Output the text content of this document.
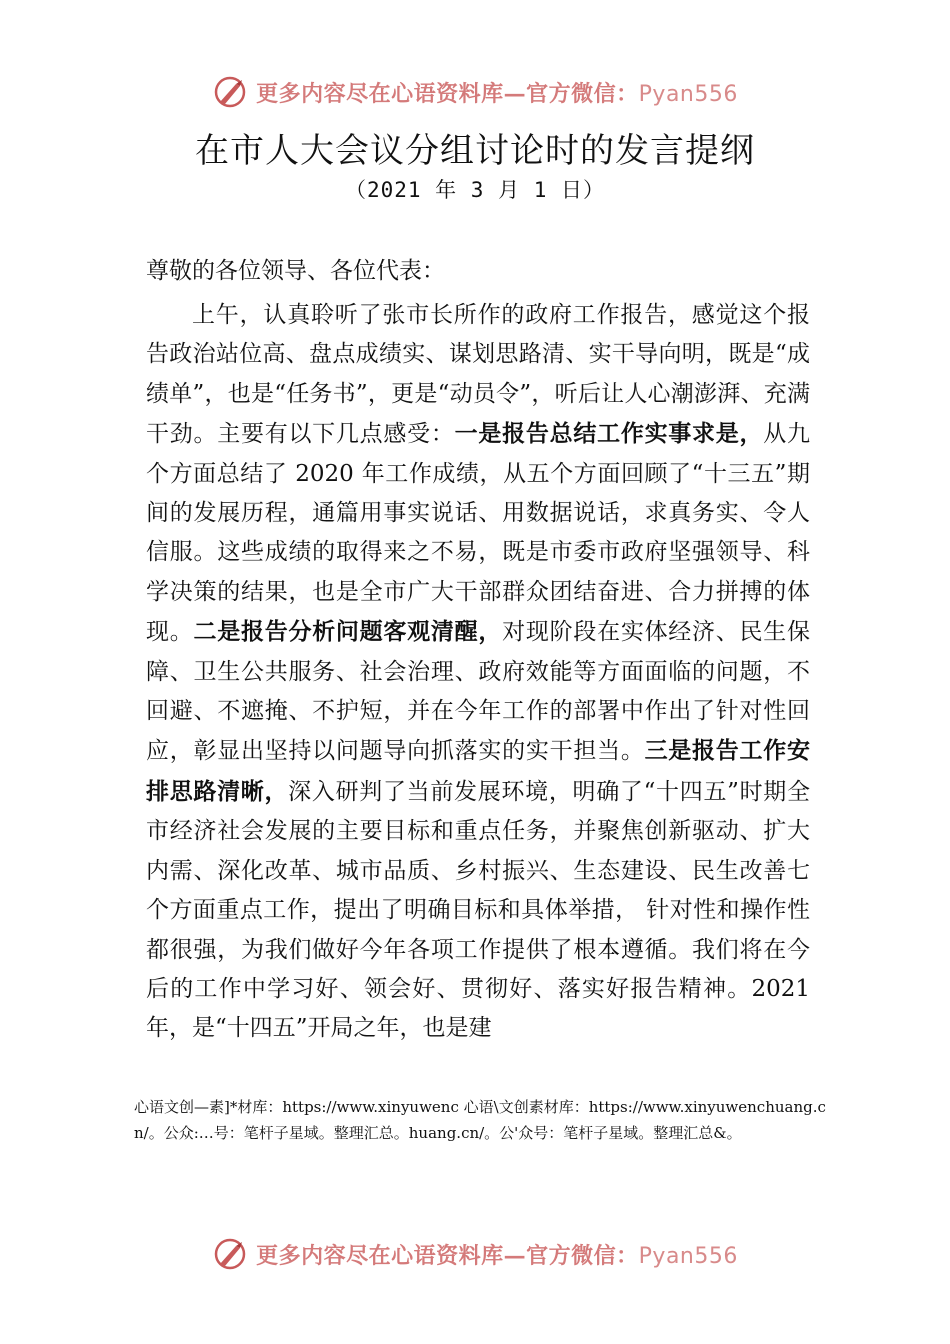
更多内容尽在心语资料库—官方微信：Pyan556
在市人大会议分组讨论时的发言提纲
（2021 年 3 月 1 日）

尊敬的各位领导、各位代表：

上午，认真聆听了张市长所作的政府工作报告，感觉这个报告政治站位高、盘点成绩实、谋划思路清、实干导向明，既是“成绩单”，也是“任务书”，更是“动员令”，听后让人心潮澎湃、充满干劲。主要有以下几点感受：一是报告总结工作实事求是，从九个方面总结了 2020 年工作成绩，从五个方面回顾了“十三五”期间的发展历程，通篇用事实说话、用数据说话，求真务实、令人信服。这些成绩的取得来之不易，既是市委市政府坚强领导、科学决策的结果，也是全市广大干部群众团结奋进、合力拼搏的体现。二是报告分析问题客观清醒，对现阶段在实体经济、民生保障、卫生公共服务、社会治理、政府效能等方面面临的问题，不回避、不遮掩、不护短，并在今年工作的部署中作出了针对性回应，彰显出坚持以问题导向抓落实的实干担当。三是报告工作安排思路清晰，深入研判了当前发展环境，明确了“十四五”时期全市经济社会发展的主要目标和重点任务，并聚焦创新驱动、扩大内需、深化改革、城市品质、乡村振兴、生态建设、民生改善七个方面重点工作，提出了明确目标和具体举措， 针对性和操作性都很强，为我们做好今年各项工作提供了根本遵循。我们将在今后的工作中学习好、领会好、贯彻好、落实好报告精神。2021 年，是“十四五”开局之年，也是建

心语文创—素]*材库：https://www.xinyuwenc 心语\文创素材库：https://www.xinyuwenchuang.cn/。公众:…号：笔杆子星域。整理汇总。huang.cn/。公'众号：笔杆子星域。整理汇总&。

更多内容尽在心语资料库—官方微信：Pyan556
